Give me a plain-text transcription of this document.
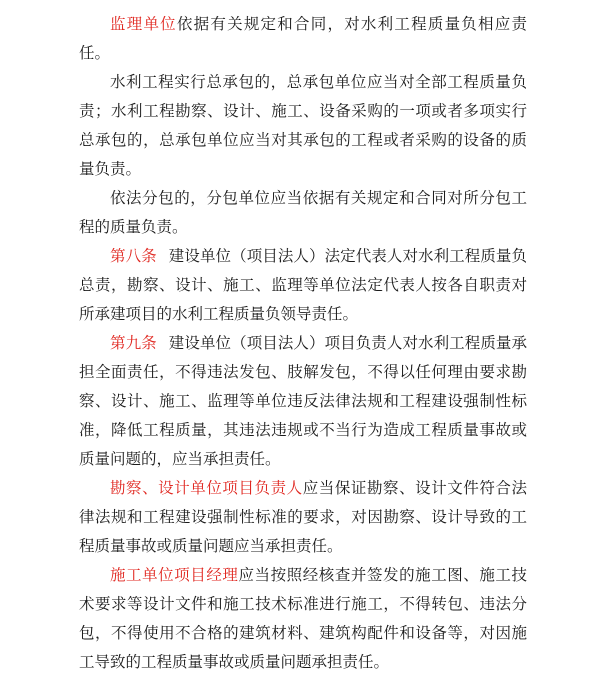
监理单位依据有关规定和合同，对水利工程质量负相应责任。

水利工程实行总承包的，总承包单位应当对全部工程质量负责；水利工程勘察、设计、施工、设备采购的一项或者多项实行总承包的，总承包单位应当对其承包的工程或者采购的设备的质量负责。

依法分包的，分包单位应当依据有关规定和合同对所分包工程的质量负责。

第八条 建设单位（项目法人）法定代表人对水利工程质量负总责，勘察、设计、施工、监理等单位法定代表人按各自职责对所承建项目的水利工程质量负领导责任。

第九条 建设单位（项目法人）项目负责人对水利工程质量承担全面责任，不得违法发包、肢解发包，不得以任何理由要求勘察、设计、施工、监理等单位违反法律法规和工程建设强制性标准，降低工程质量，其违法违规或不当行为造成工程质量事故或质量问题的，应当承担责任。

勘察、设计单位项目负责人应当保证勘察、设计文件符合法律法规和工程建设强制性标准的要求，对因勘察、设计导致的工程质量事故或质量问题应当承担责任。

施工单位项目经理应当按照经核查并签发的施工图、施工技术要求等设计文件和施工技术标准进行施工，不得转包、违法分包，不得使用不合格的建筑材料、建筑构配件和设备等，对因施工导致的工程质量事故或质量问题承担责任。
